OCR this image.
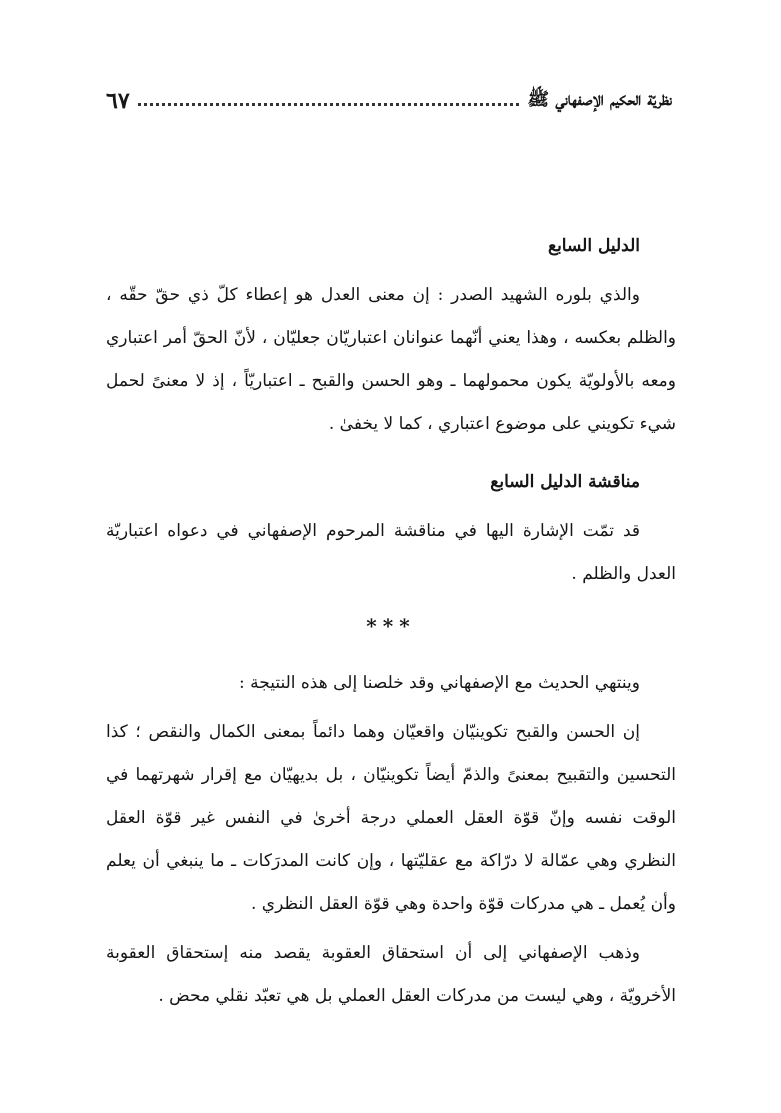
نظريّة الحكيم الإصفهاني ﷺ
٦٧
الدليل السابع

والذي بلوره الشهيد الصدر : إن معنى العدل هو إعطاء كلّ ذي حقّ حقّه ، والظلم بعكسه ، وهذا يعني أنّهما عنوانان اعتباريّان جعليّان ، لأنّ الحقّ أمر اعتباري ومعه بالأولويّة يكون محمولهما ـ وهو الحسن والقبح ـ اعتباريّاً ، إذ لا معنىً لحمل شيء تكويني على موضوع اعتباري ، كما لا يخفىٰ .

مناقشة الدليل السابع

قد تمّت الإشارة اليها في مناقشة المرحوم الإصفهاني في دعواه اعتباريّة العدل والظلم .

***

وينتهي الحديث مع الإصفهاني وقد خلصنا إلى هذه النتيجة :

إن الحسن والقبح تكوينيّان واقعيّان وهما دائماً بمعنى الكمال والنقص ؛ كذا التحسين والتقبيح بمعنىً والذمّ أيضاً تكوينيّان ، بل بديهيّان مع إقرار شهرتهما في الوقت نفسه وإنّ قوّة العقل العملي درجة أخرىٰ في النفس غير قوّة العقل النظري وهي عمّالة لا درّاكة مع عقليّتها ، وإن كانت المدرَكات ـ ما ينبغي أن يعلم وأن يُعمل ـ هي مدركات قوّة واحدة وهي قوّة العقل النظري .

وذهب الإصفهاني إلى أن استحقاق العقوبة يقصد منه إستحقاق العقوبة الأخرويّة ، وهي ليست من مدركات العقل العملي بل هي تعبّد نقلي محض .
